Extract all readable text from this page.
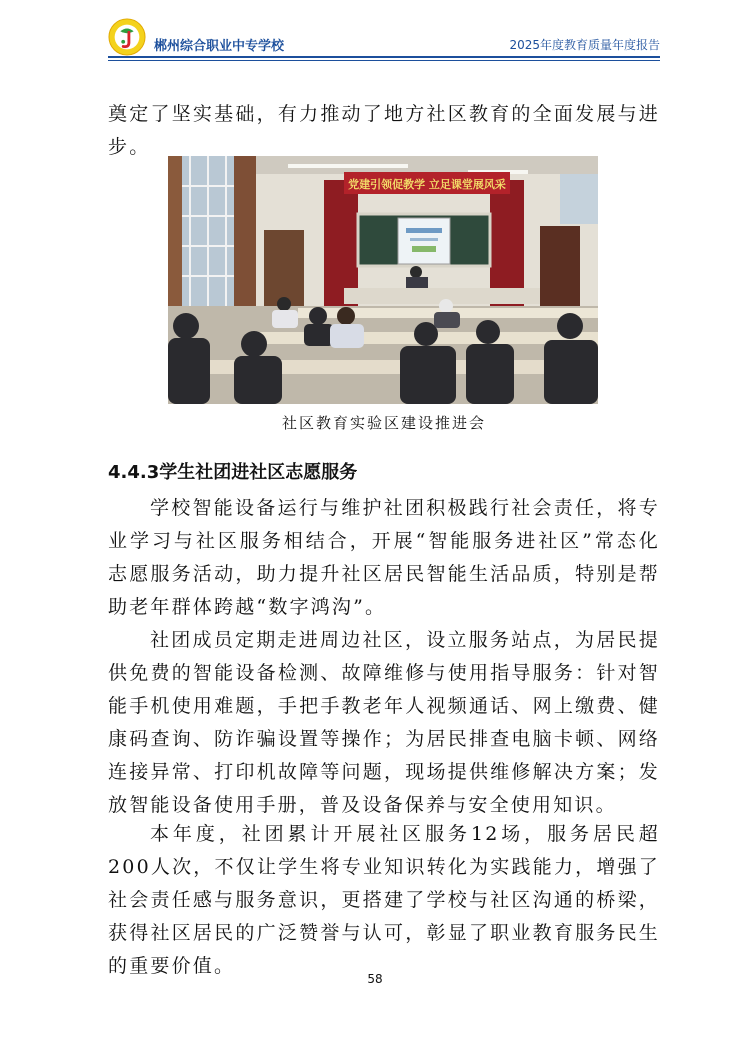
郴州综合职业中专学校	2025年度教育质量年度报告

奠定了坚实基础，有力推动了地方社区教育的全面发展与进步。

党建引领促教学 立足课堂展风采
社区教育实验区建设推进会
4.4.3学生社团进社区志愿服务

学校智能设备运行与维护社团积极践行社会责任，将专业学习与社区服务相结合，开展“智能服务进社区”常态化志愿服务活动，助力提升社区居民智能生活品质，特别是帮助老年群体跨越“数字鸿沟”。

社团成员定期走进周边社区，设立服务站点，为居民提供免费的智能设备检测、故障维修与使用指导服务：针对智能手机使用难题，手把手教老年人视频通话、网上缴费、健康码查询、防诈骗设置等操作；为居民排查电脑卡顿、网络连接异常、打印机故障等问题，现场提供维修解决方案；发放智能设备使用手册，普及设备保养与安全使用知识。

本年度，社团累计开展社区服务12场，服务居民超200人次，不仅让学生将专业知识转化为实践能力，增强了社会责任感与服务意识，更搭建了学校与社区沟通的桥梁，获得社区居民的广泛赞誉与认可，彰显了职业教育服务民生的重要价值。

58
